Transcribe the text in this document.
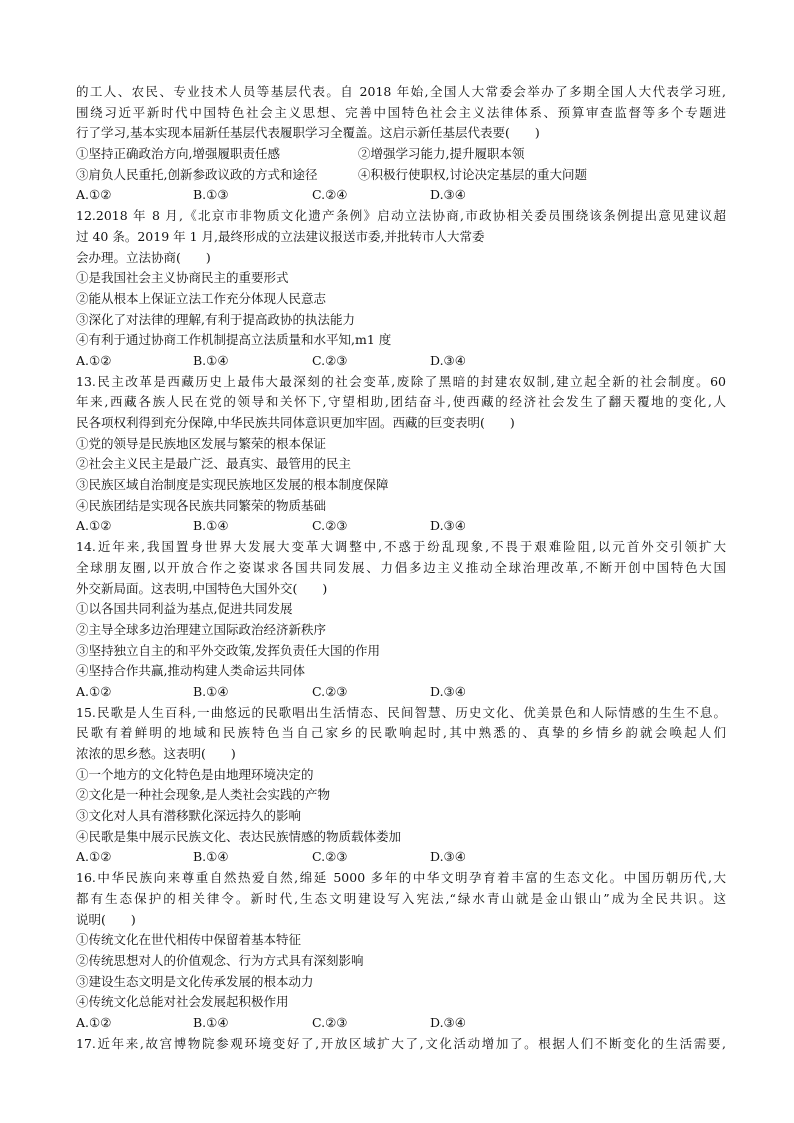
的工人、农民、专业技术人员等基层代表。自 2018 年始,全国人大常委会举办了多期全国人大代表学习班,
围绕习近平新时代中国特色社会主义思想、完善中国特色社会主义法律体系、预算审查监督等多个专题进
行了学习,基本实现本届新任基层代表履职学习全覆盖。这启示新任基层代表要(　　)
①坚持正确政治方向,增强履职责任感	②增强学习能力,提升履职本领
③肩负人民重托,创新参政议政的方式和途径	④积极行使职权,讨论决定基层的重大问题
A.①②	B.①③	C.②④	D.③④
12.2018 年 8 月,《北京市非物质文化遗产条例》启动立法协商,市政协相关委员围绕该条例提出意见建议超
过 40 条。2019 年 1 月,最终形成的立法建议报送市委,并批转市人大常委
会办理。立法协商(　　)
①是我国社会主义协商民主的重要形式
②能从根本上保证立法工作充分体现人民意志
③深化了对法律的理解,有利于提高政协的执法能力
④有利于通过协商工作机制提高立法质量和水平知,m1 度
A.①②	B.①④	C.②③	D.③④
13.民主改革是西藏历史上最伟大最深刻的社会变革,废除了黑暗的封建农奴制,建立起全新的社会制度。60
年来,西藏各族人民在党的领导和关怀下,守望相助,团结奋斗,使西藏的经济社会发生了翻天覆地的变化,人
民各项权利得到充分保障,中华民族共同体意识更加牢固。西藏的巨变表明(　　)
①党的领导是民族地区发展与繁荣的根本保证
②社会主义民主是最广泛、最真实、最管用的民主
③民族区域自治制度是实现民族地区发展的根本制度保障
④民族团结是实现各民族共同繁荣的物质基础
A.①②	B.①④	C.②③	D.③④
14.近年来,我国置身世界大发展大变革大调整中,不惑于纷乱现象,不畏于艰难险阻,以元首外交引领扩大
全球朋友圈,以开放合作之姿谋求各国共同发展、力倡多边主义推动全球治理改革,不断开创中国特色大国
外交新局面。这表明,中国特色大国外交(　　)
①以各国共同利益为基点,促进共同发展
②主导全球多边治理建立国际政治经济新秩序
③坚持独立自主的和平外交政策,发挥负责任大国的作用
④坚持合作共赢,推动构建人类命运共同体
A.①②	B.①④	C.②③	D.③④
15.民歌是人生百科,一曲悠远的民歌唱出生活情态、民间智慧、历史文化、优美景色和人际情感的生生不息。
民歌有着鲜明的地域和民族特色当自己家乡的民歌响起时,其中熟悉的、真挚的乡情乡韵就会唤起人们
浓浓的思乡愁。这表明(　　)
①一个地方的文化特色是由地理环境决定的
②文化是一种社会现象,是人类社会实践的产物
③文化对人具有潜移默化深远持久的影响
④民歌是集中展示民族文化、表达民族情感的物质载体娄加
A.①②	B.①④	C.②③	D.③④
16.中华民族向来尊重自然热爱自然,绵延 5000 多年的中华文明孕育着丰富的生态文化。中国历朝历代,大
都有生态保护的相关律令。新时代,生态文明建设写入宪法,“绿水青山就是金山银山”成为全民共识。这
说明(　　)
①传统文化在世代相传中保留着基本特征
②传统思想对人的价值观念、行为方式具有深刻影响
③建设生态文明是文化传承发展的根本动力
④传统文化总能对社会发展起积极作用
A.①②	B.①④	C.②③	D.③④
17.近年来,故宫博物院参观环境变好了,开放区域扩大了,文化活动增加了。根据人们不断变化的生活需要,
